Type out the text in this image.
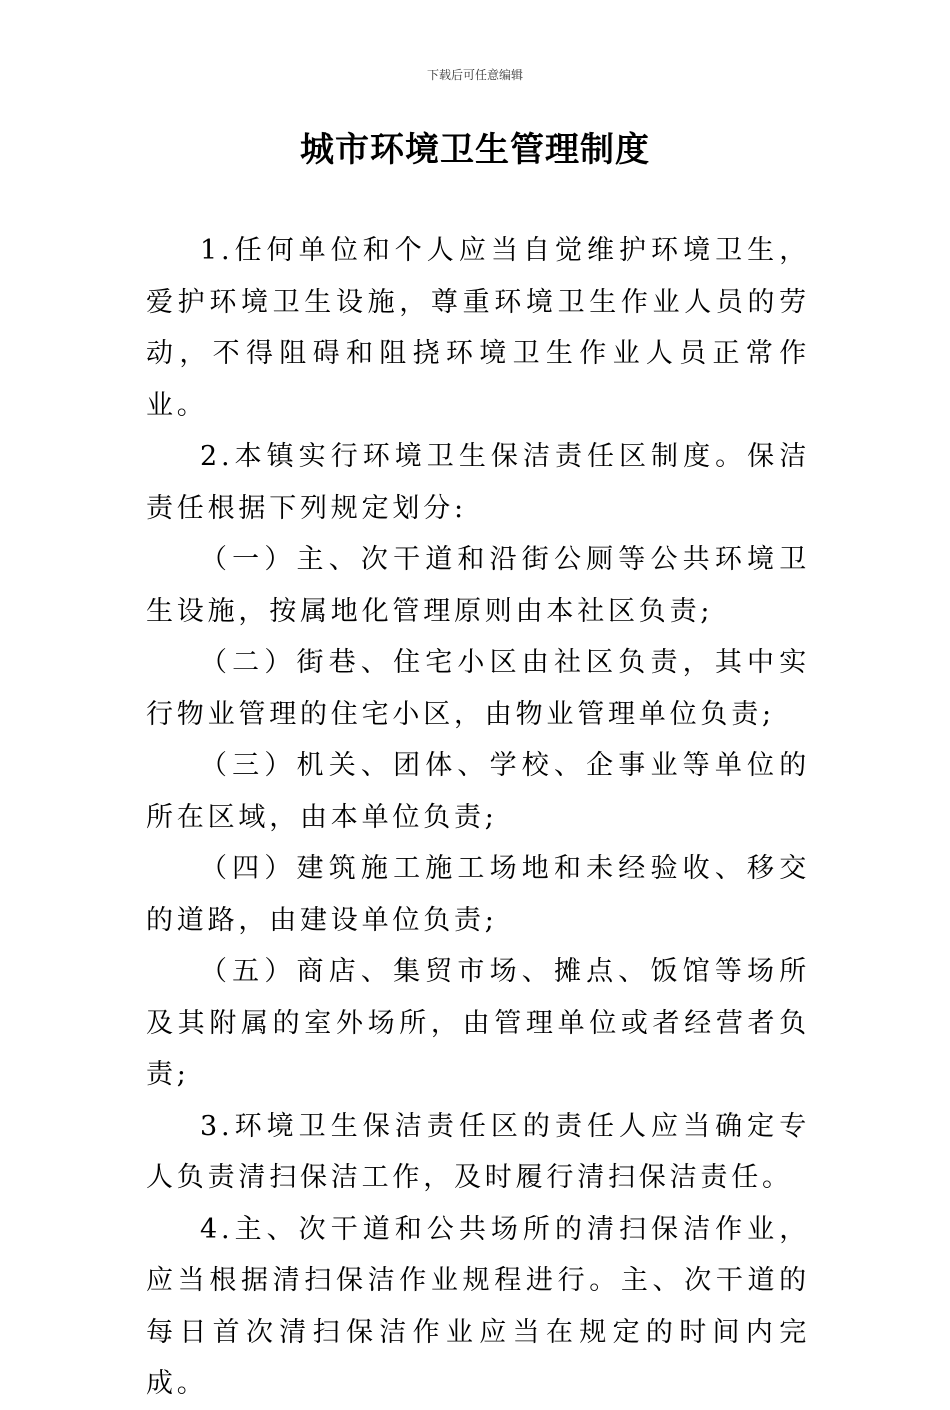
下载后可任意编辑
城市环境卫生管理制度

1.任何单位和个人应当自觉维护环境卫生，爱护环境卫生设施，尊重环境卫生作业人员的劳动，不得阻碍和阻挠环境卫生作业人员正常作业。

2.本镇实行环境卫生保洁责任区制度。保洁责任根据下列规定划分:

（一）主、次干道和沿街公厕等公共环境卫生设施，按属地化管理原则由本社区负责;

（二）街巷、住宅小区由社区负责，其中实行物业管理的住宅小区，由物业管理单位负责;

（三）机关、团体、学校、企事业等单位的所在区域，由本单位负责;

（四）建筑施工施工场地和未经验收、移交的道路，由建设单位负责;

（五）商店、集贸市场、摊点、饭馆等场所及其附属的室外场所，由管理单位或者经营者负责;

3.环境卫生保洁责任区的责任人应当确定专人负责清扫保洁工作，及时履行清扫保洁责任。

4.主、次干道和公共场所的清扫保洁作业，应当根据清扫保洁作业规程进行。主、次干道的每日首次清扫保洁作业应当在规定的时间内完成。
